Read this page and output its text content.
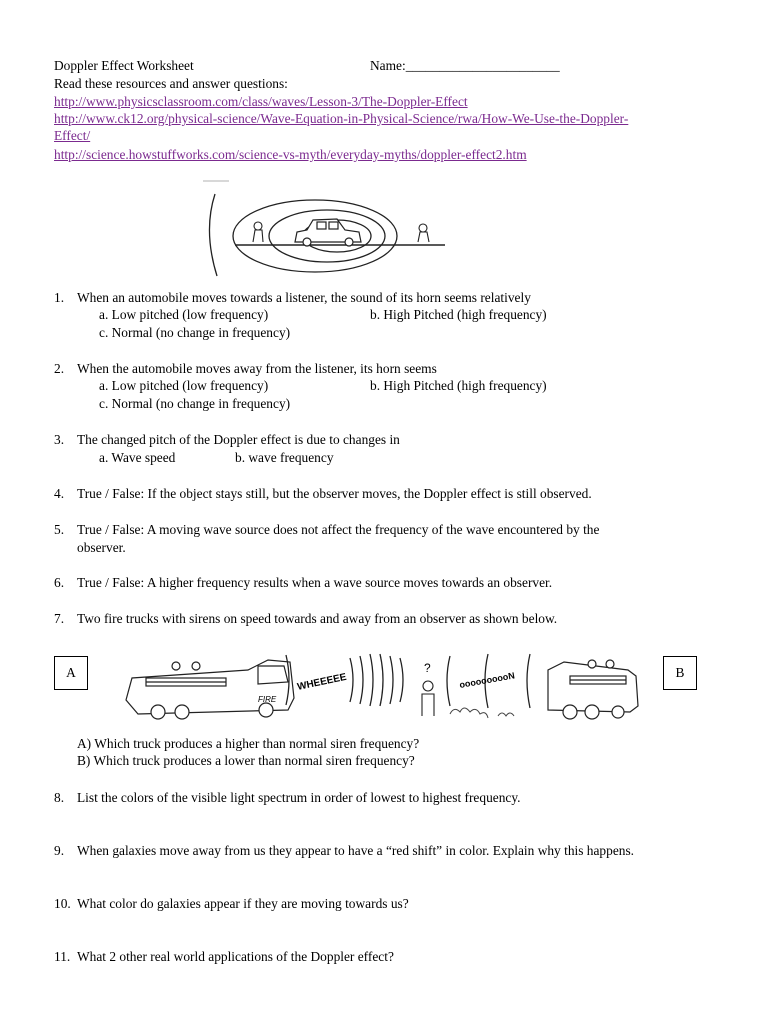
Doppler Effect Worksheet	Name:_______________________
Read these resources and answer questions:
http://www.physicsclassroom.com/class/waves/Lesson-3/The-Doppler-Effect
http://www.ck12.org/physical-science/Wave-Equation-in-Physical-Science/rwa/How-We-Use-the-Doppler-
Effect/
http://science.howstuffworks.com/science-vs-myth/everyday-myths/doppler-effect2.htm
1. When an automobile moves towards a listener, the sound of its horn seems relatively
a. Low pitched (low frequency)	b. High Pitched (high frequency)
c. Normal (no change in frequency)
2. When the automobile moves away from the listener, its horn seems
a. Low pitched (low frequency)	b. High Pitched (high frequency)
c. Normal (no change in frequency)
3. The changed pitch of the Doppler effect is due to changes in
a. Wave speed	b. wave frequency
4. True / False: If the object stays still, but the observer moves, the Doppler effect is still observed.
5. True / False: A moving wave source does not affect the frequency of the wave encountered by the
observer.
6. True / False: A higher frequency results when a wave source moves towards an observer.
7. Two fire trucks with sirens on speed towards and away from an observer as shown below.
A	B
FIRE
WHEEEEE
?
oooooooooN
A) Which truck produces a higher than normal siren frequency?
B) Which truck produces a lower than normal siren frequency?
8. List the colors of the visible light spectrum in order of lowest to highest frequency.
9. When galaxies move away from us they appear to have a “red shift” in color. Explain why this happens.
10. What color do galaxies appear if they are moving towards us?
11. What 2 other real world applications of the Doppler effect?
